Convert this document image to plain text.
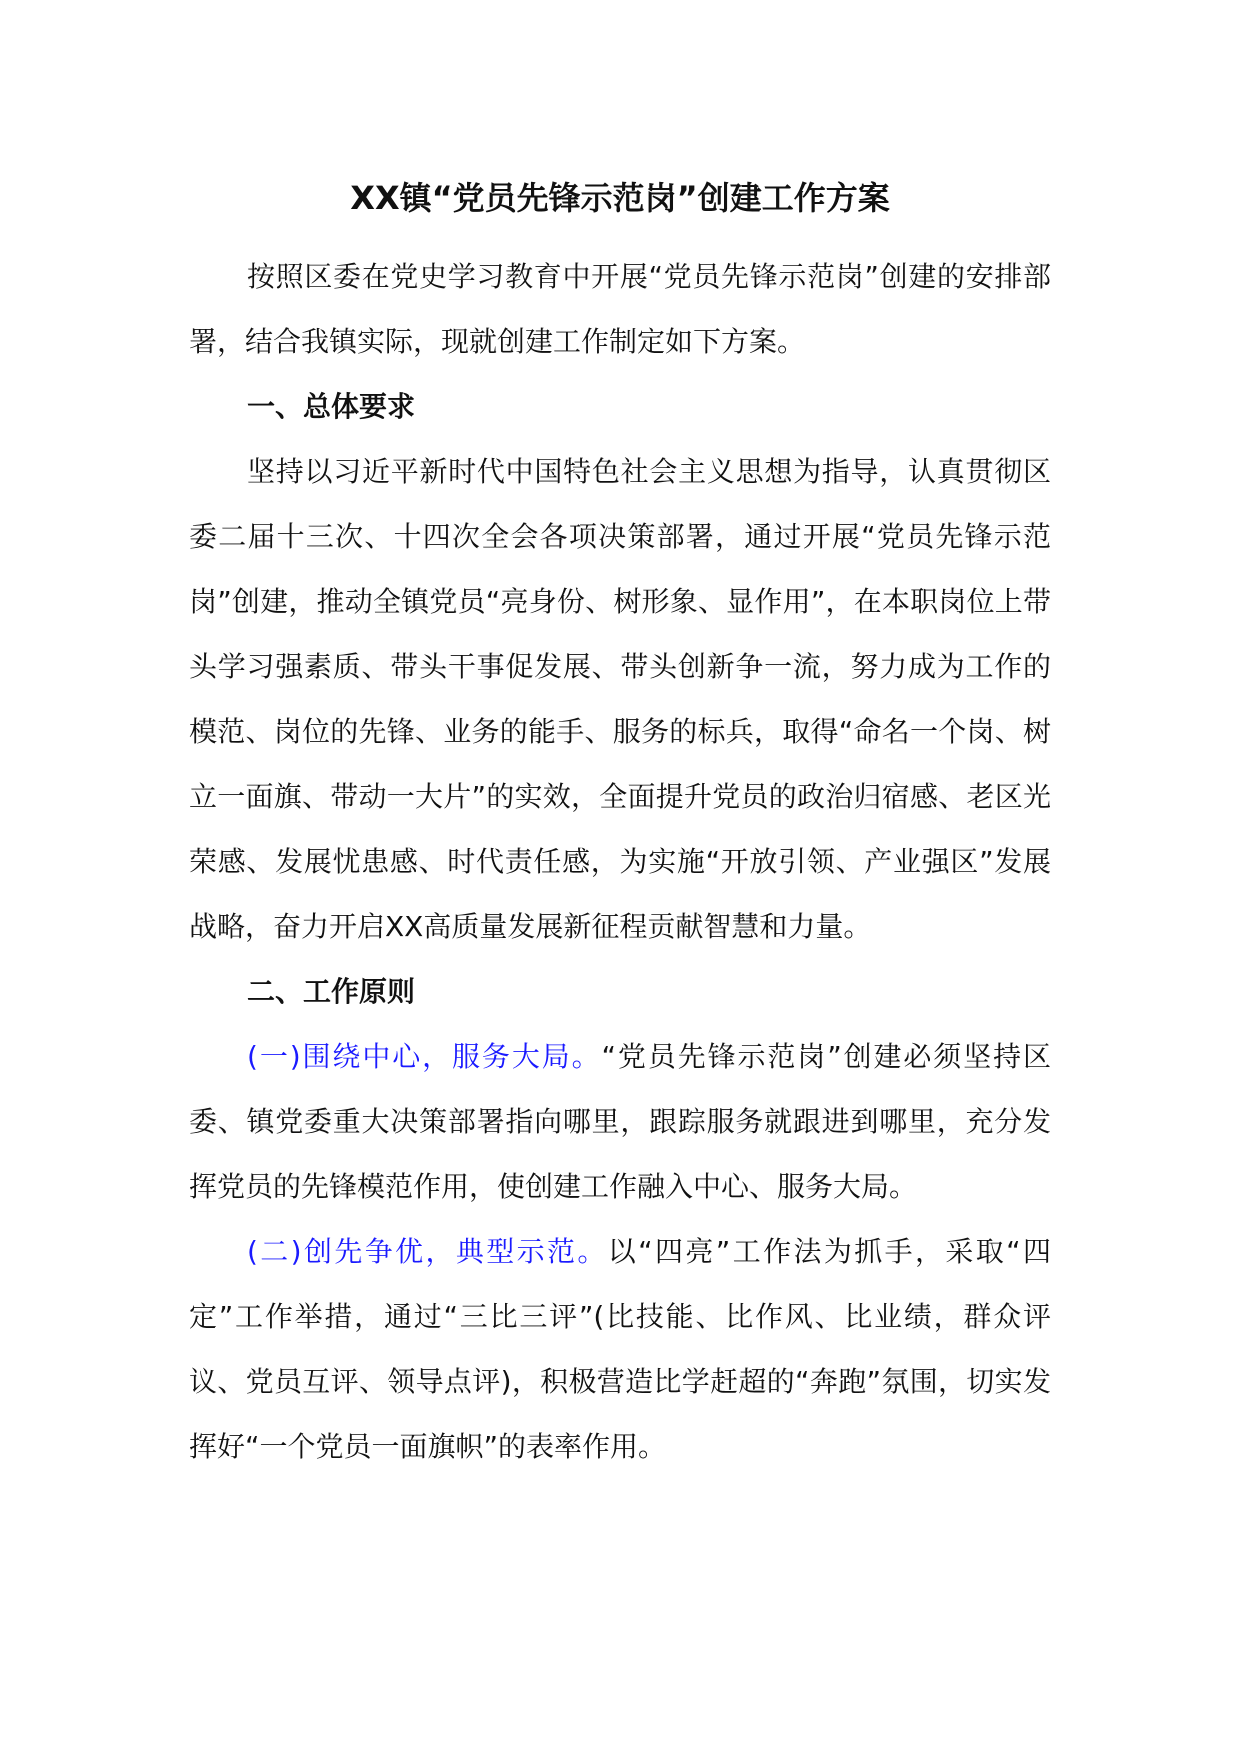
XX镇“党员先锋示范岗”创建工作方案

按照区委在党史学习教育中开展“党员先锋示范岗”创建的安排部署，结合我镇实际，现就创建工作制定如下方案。

一、总体要求

坚持以习近平新时代中国特色社会主义思想为指导，认真贯彻区委二届十三次、十四次全会各项决策部署，通过开展“党员先锋示范岗”创建，推动全镇党员“亮身份、树形象、显作用”，在本职岗位上带头学习强素质、带头干事促发展、带头创新争一流，努力成为工作的模范、岗位的先锋、业务的能手、服务的标兵，取得“命名一个岗、树立一面旗、带动一大片”的实效，全面提升党员的政治归宿感、老区光荣感、发展忧患感、时代责任感，为实施“开放引领、产业强区”发展战略，奋力开启XX高质量发展新征程贡献智慧和力量。

二、工作原则

(一)围绕中心，服务大局。“党员先锋示范岗”创建必须坚持区委、镇党委重大决策部署指向哪里，跟踪服务就跟进到哪里，充分发挥党员的先锋模范作用，使创建工作融入中心、服务大局。

(二)创先争优，典型示范。以“四亮”工作法为抓手，采取“四定”工作举措，通过“三比三评”(比技能、比作风、比业绩，群众评议、党员互评、领导点评)，积极营造比学赶超的“奔跑”氛围，切实发挥好“一个党员一面旗帜”的表率作用。
